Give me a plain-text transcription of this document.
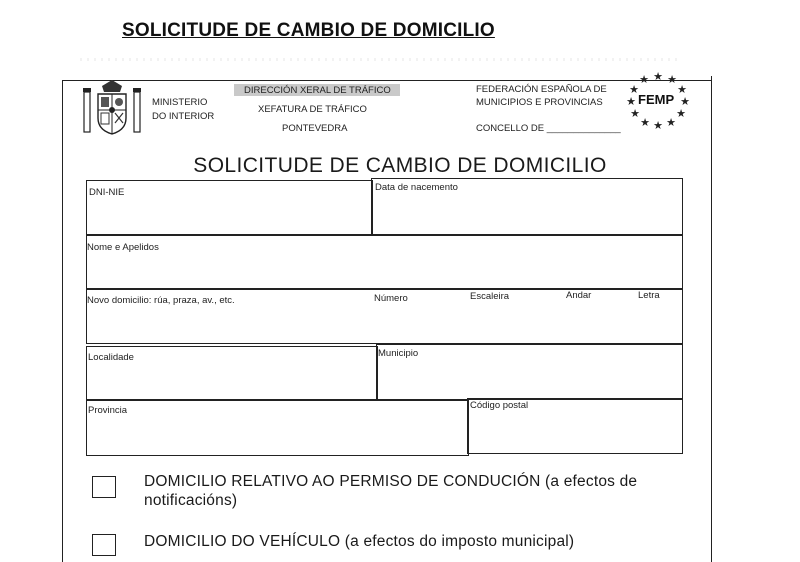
SOLICITUDE DE CAMBIO DE DOMICILIO
MINISTERIO
DO INTERIOR
DIRECCIÓN XERAL DE TRÁFICO
XEFATURA DE TRÁFICO
PONTEVEDRA
FEDERACIÓN ESPAÑOLA DE
MUNICIPIOS E PROVINCIAS
CONCELLO DE ______________
★ ★
★
★
★
★
★
★
★
★
★
★
FEMP
SOLICITUDE DE CAMBIO DE DOMICILIO
DNI-NIE	Data de nacemento
Nome e Apelidos
Novo domicilio: rúa, praza, av., etc.	Número	Escaleira	Andar	Letra
Localidade	Municipio
Provincia	Código postal
DOMICILIO RELATIVO AO PERMISO DE CONDUCIÓN (a efectos de notificacións)
DOMICILIO DO VEHÍCULO (a efectos do imposto municipal)
